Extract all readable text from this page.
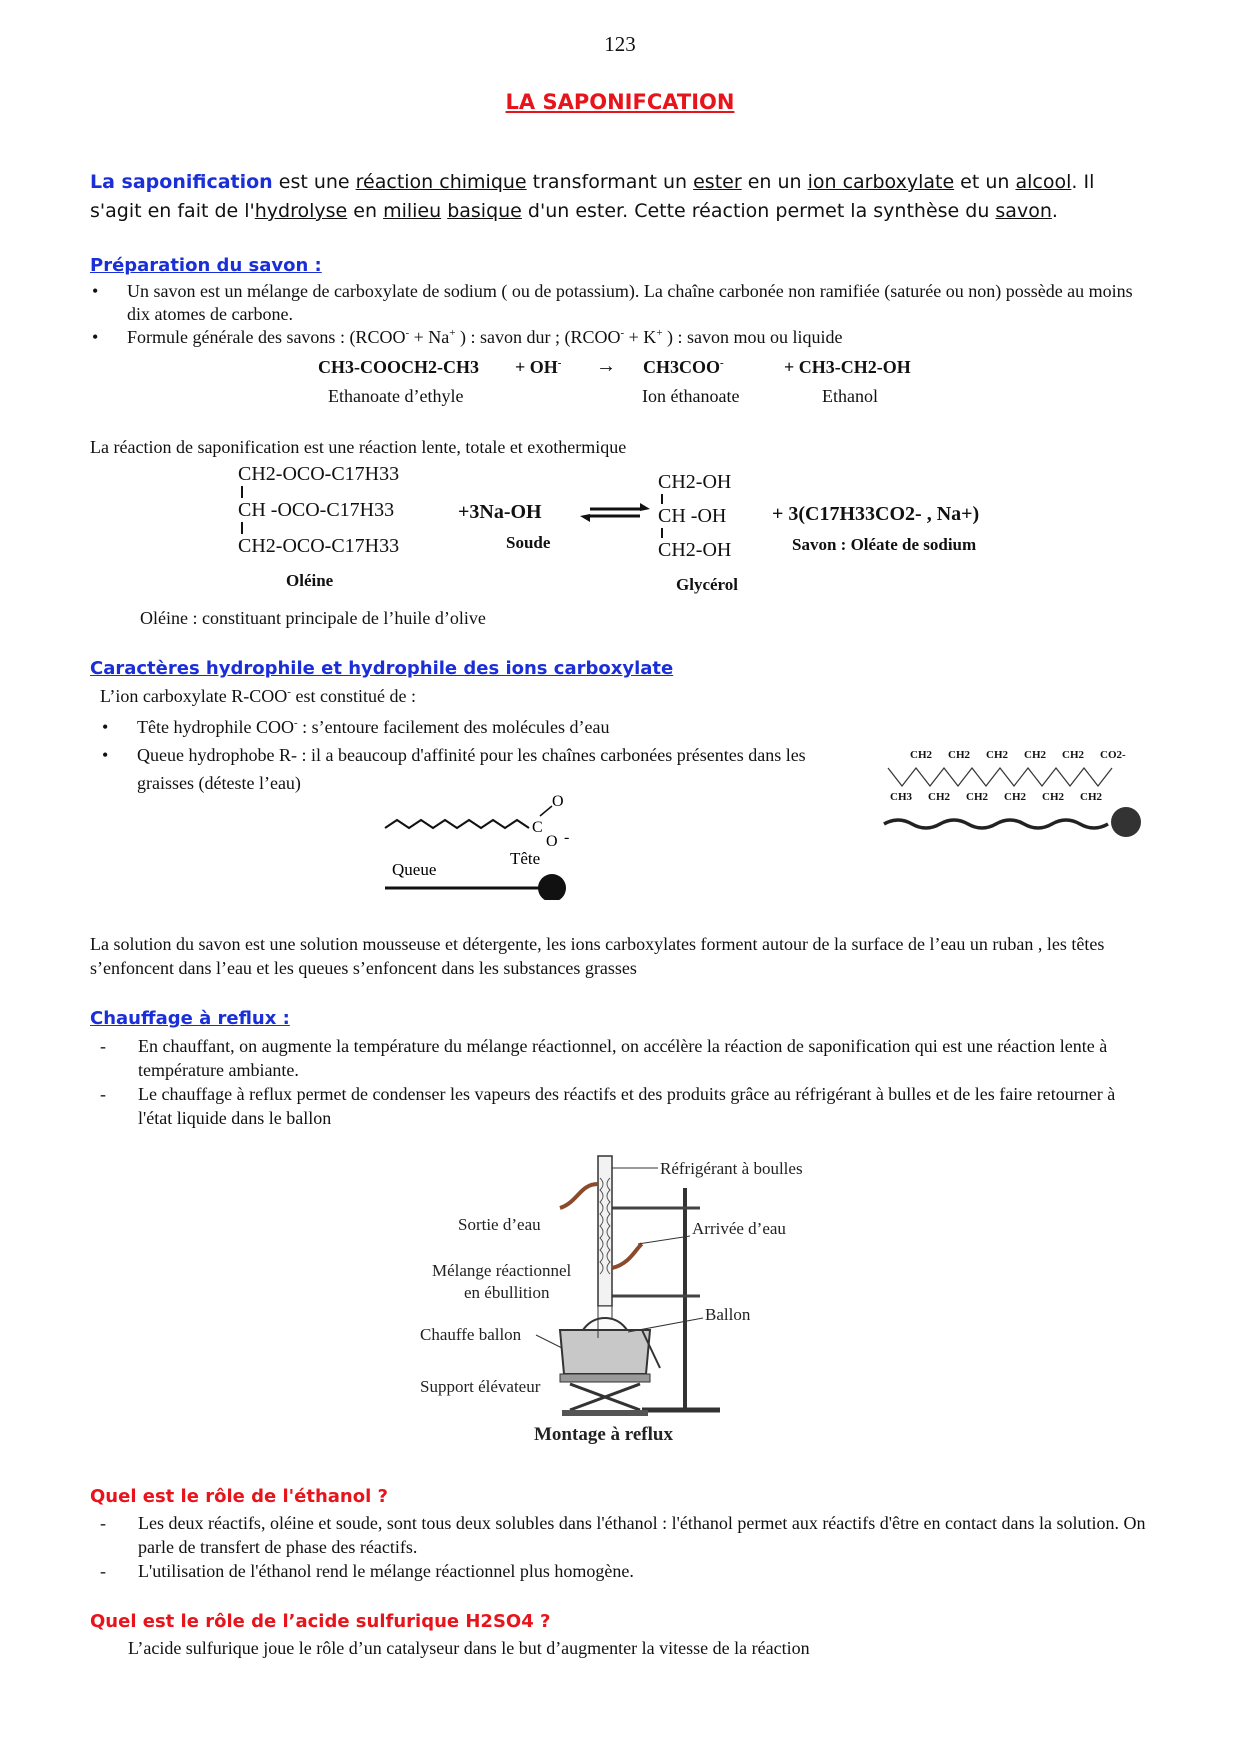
123
LA SAPONIFCATION
La saponification est une réaction chimique transformant un ester en un ion carboxylate et un alcool. Il s'agit en fait de l'hydrolyse en milieu basique d'un ester. Cette réaction permet la synthèse du savon.
Préparation du savon :
• Un savon est un mélange de carboxylate de sodium ( ou de potassium). La chaîne carbonée non ramifiée (saturée ou non) possède au moins dix atomes de carbone.
• Formule générale des savons : (RCOO- + Na+ ) : savon dur ; (RCOO- + K+ ) : savon mou ou liquide
CH3-COOCH2-CH3 + OH- → CH3COO-	+ CH3-CH2-OH
Ethanoate d’ethyle	Ion éthanoate	Ethanol
La réaction de saponification est une réaction lente, totale et exothermique
CH2-OCO-C17H33
CH -OCO-C17H33
CH2-OCO-C17H33
Oléine
+3Na-OH
Soude
CH2-OH
CH -OH
CH2-OH
Glycérol
+ 3(C17H33CO2- , Na+)
Savon : Oléate de sodium
Oléine : constituant principale de l’huile d’olive
Caractères hydrophile et hydrophile des ions carboxylate
L’ion carboxylate R-COO- est constitué de :
• Tête hydrophile COO- : s’entoure facilement des molécules d’eau
• Queue hydrophobe R- : il a beaucoup d'affinité pour les chaînes carbonées présentes dans les graisses (déteste l’eau)
C
O
O -
Tête
Queue
CH2 CH2 CH2 CH2 CH2 CO2-
CH3 CH2 CH2 CH2 CH2 CH2
La solution du savon est une solution mousseuse et détergente, les ions carboxylates forment autour de la surface de l’eau un ruban , les têtes s’enfoncent dans l’eau et les queues s’enfoncent dans les substances grasses
Chauffage à reflux :
- En chauffant, on augmente la température du mélange réactionnel, on accélère la réaction de saponification qui est une réaction lente à température ambiante.
- Le chauffage à reflux permet de condenser les vapeurs des réactifs et des produits grâce au réfrigérant à bulles et de les faire retourner à l'état liquide dans le ballon
Réfrigérant à boulles
Sortie d’eau	Arrivée d’eau
Mélange réactionnel
en ébullition
Ballon
Chauffe ballon
Support élévateur
Montage à reflux
Quel est le rôle de l'éthanol ?
- Les deux réactifs, oléine et soude, sont tous deux solubles dans l'éthanol : l'éthanol permet aux réactifs d'être en contact dans la solution. On parle de transfert de phase des réactifs.
- L'utilisation de l'éthanol rend le mélange réactionnel plus homogène.
Quel est le rôle de l’acide sulfurique H2SO4 ?
L’acide sulfurique joue le rôle d’un catalyseur dans le but d’augmenter la vitesse de la réaction
